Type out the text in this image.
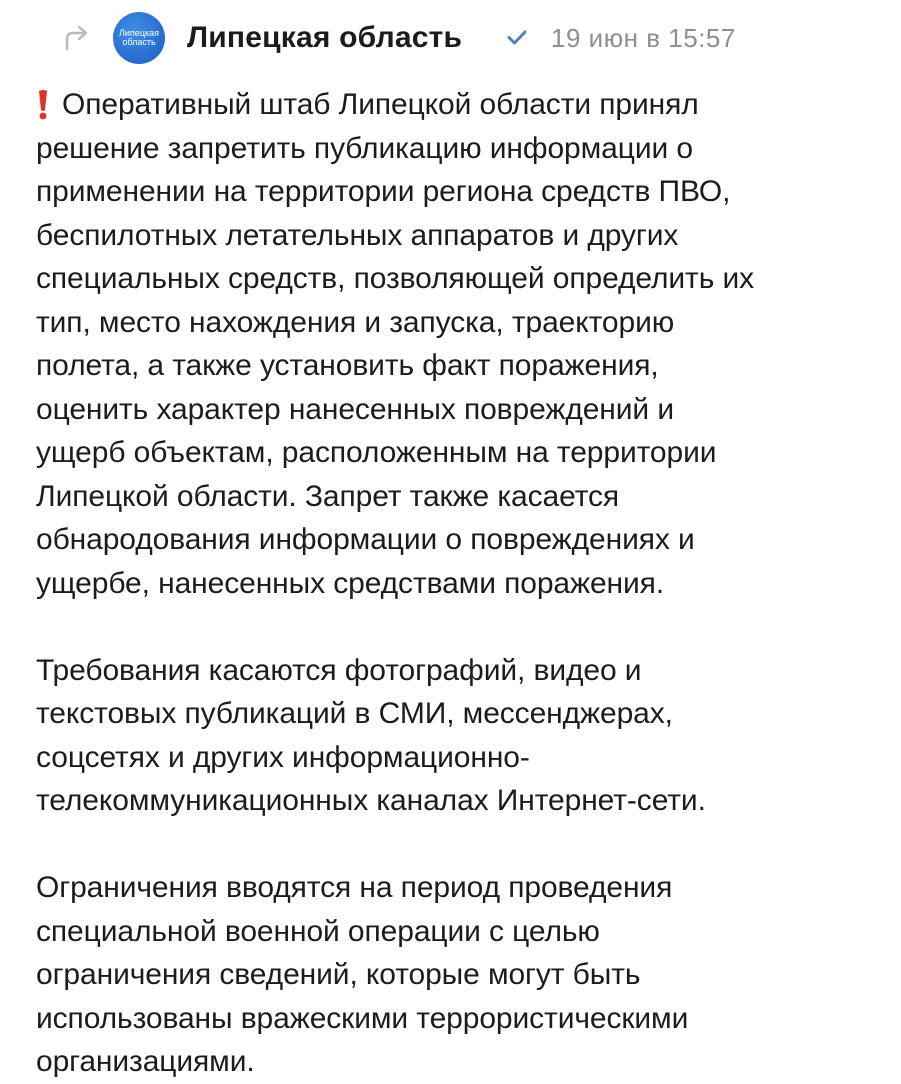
Липецкая область Липецкая область	19 июн в 15:57
Оперативный штаб Липецкой области принял
решение запретить публикацию информации о
применении на территории региона средств ПВО,
беспилотных летательных аппаратов и других
специальных средств, позволяющей определить их
тип, место нахождения и запуска, траекторию
полета, а также установить факт поражения,
оценить характер нанесенных повреждений и
ущерб объектам, расположенным на территории
Липецкой области. Запрет также касается
обнародования информации о повреждениях и
ущербе, нанесенных средствами поражения.
Требования касаются фотографий, видео и
текстовых публикаций в СМИ, мессенджерах,
соцсетях и других информационно-
телекоммуникационных каналах Интернет-сети.
Ограничения вводятся на период проведения
специальной военной операции с целью
ограничения сведений, которые могут быть
использованы вражескими террористическими
организациями.
